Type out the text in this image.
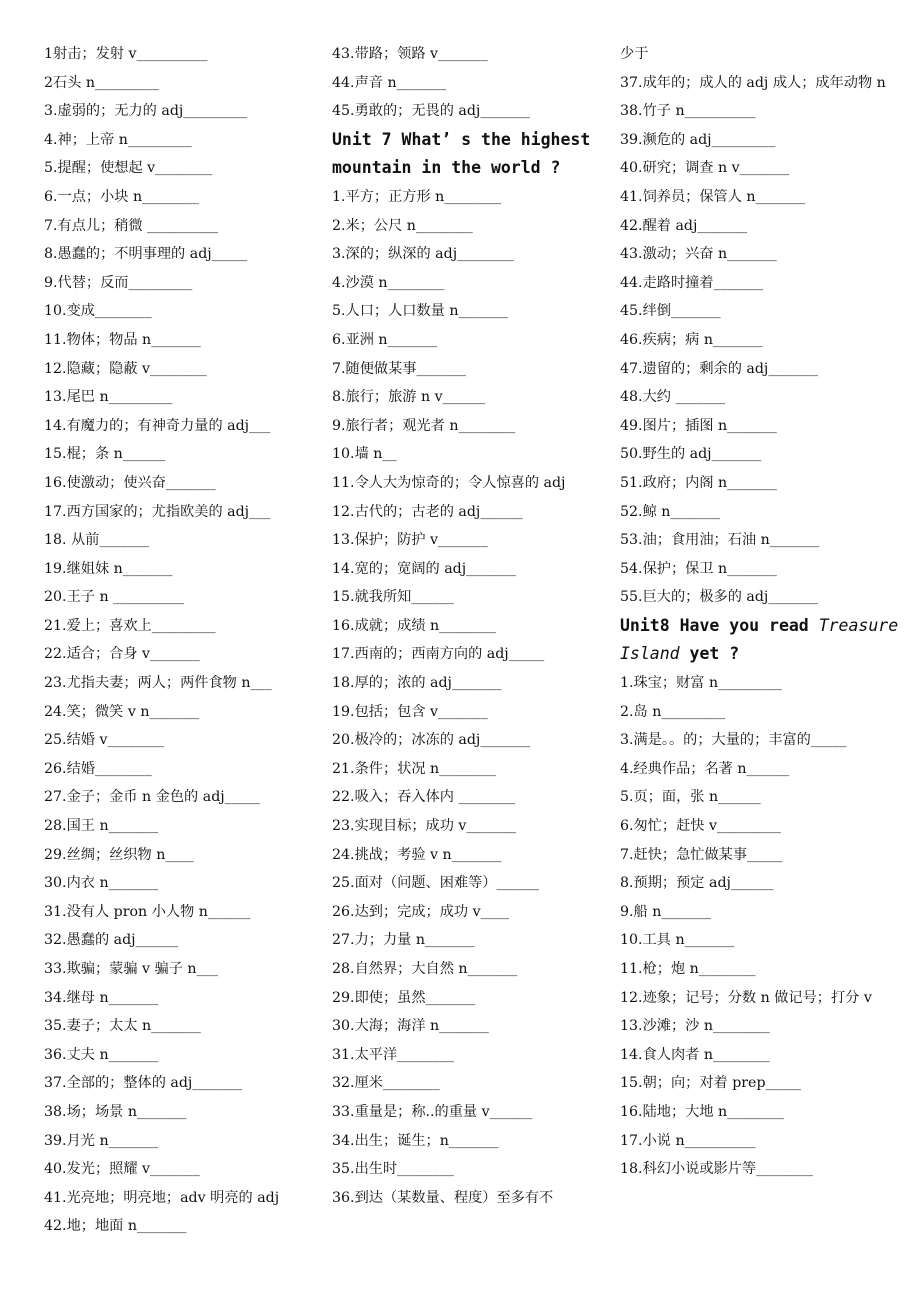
1射击；发射 v__________
2石头 n_________
3.虚弱的；无力的 adj_________
4.神；上帝 n_________
5.提醒；使想起 v________
6.一点；小块 n________
7.有点儿；稍微 __________
8.愚蠢的；不明事理的 adj_____
9.代替；反而_________
10.变成________
11.物体；物品 n_______
12.隐藏；隐蔽 v________
13.尾巴 n_________
14.有魔力的；有神奇力量的 adj___
15.棍；条 n______
16.使激动；使兴奋_______
17.西方国家的；尤指欧美的 adj___
18. 从前_______
19.继姐妹 n_______
20.王子 n __________
21.爱上；喜欢上_________
22.适合；合身 v_______
23.尤指夫妻；两人；两件食物 n___
24.笑；微笑 v n_______
25.结婚 v________
26.结婚________
27.金子；金币 n 金色的 adj_____
28.国王 n_______
29.丝绸；丝织物 n____
30.内衣 n_______
31.没有人 pron 小人物 n______
32.愚蠢的 adj______
33.欺骗；蒙骗 v 骗子 n___
34.继母 n_______
35.妻子；太太 n_______
36.丈夫 n_______
37.全部的；整体的 adj_______
38.场；场景 n_______
39.月光 n_______
40.发光；照耀 v_______
41.光亮地；明亮地；adv 明亮的 adj
42.地；地面 n_______
43.带路；领路 v_______
44.声音 n_______
45.勇敢的；无畏的 adj_______
Unit 7 What’ s the highest
mountain in the world ?
1.平方；正方形 n________
2.米；公尺 n________
3.深的；纵深的 adj________
4.沙漠 n________
5.人口；人口数量 n_______
6.亚洲 n_______
7.随便做某事_______
8.旅行；旅游 n v______
9.旅行者；观光者 n________
10.墙 n__
11.令人大为惊奇的；令人惊喜的 adj
12.古代的；古老的 adj______
13.保护；防护 v_______
14.宽的；宽阔的 adj_______
15.就我所知______
16.成就；成绩 n________
17.西南的；西南方向的 adj_____
18.厚的；浓的 adj_______
19.包括；包含 v_______
20.极冷的；冰冻的 adj_______
21.条件；状况 n________
22.吸入；吞入体内 ________
23.实现目标；成功 v_______
24.挑战；考验 v n_______
25.面对（问题、困难等）______
26.达到；完成；成功 v____
27.力；力量 n_______
28.自然界；大自然 n_______
29.即使；虽然_______
30.大海；海洋 n_______
31.太平洋________
32.厘米________
33.重量是；称..的重量 v______
34.出生；诞生；n_______
35.出生时________
36.到达（某数量、程度）至多有不
少于
37.成年的；成人的 adj 成人；成年动物 n
38.竹子 n__________
39.濒危的 adj_________
40.研究；调查 n v_______
41.饲养员；保管人 n_______
42.醒着 adj_______
43.激动；兴奋 n_______
44.走路时撞着_______
45.绊倒_______
46.疾病；病 n_______
47.遗留的；剩余的 adj_______
48.大约 _______
49.图片；插图 n_______
50.野生的 adj_______
51.政府；内阁 n_______
52.鲸 n_______
53.油；食用油；石油 n_______
54.保护；保卫 n_______
55.巨大的；极多的 adj_______
Unit8 Have you read Treasure
Island yet ?
1.珠宝；财富 n_________
2.岛 n_________
3.满是。。的；大量的；丰富的_____
4.经典作品；名著 n______
5.页；面，张 n______
6.匆忙；赶快 v_________
7.赶快；急忙做某事_____
8.预期；预定 adj______
9.船 n_______
10.工具 n_______
11.枪；炮 n________
12.迹象；记号；分数 n 做记号；打分 v
13.沙滩；沙 n________
14.食人肉者 n________
15.朝；向；对着 prep_____
16.陆地；大地 n________
17.小说 n__________
18.科幻小说或影片等________
